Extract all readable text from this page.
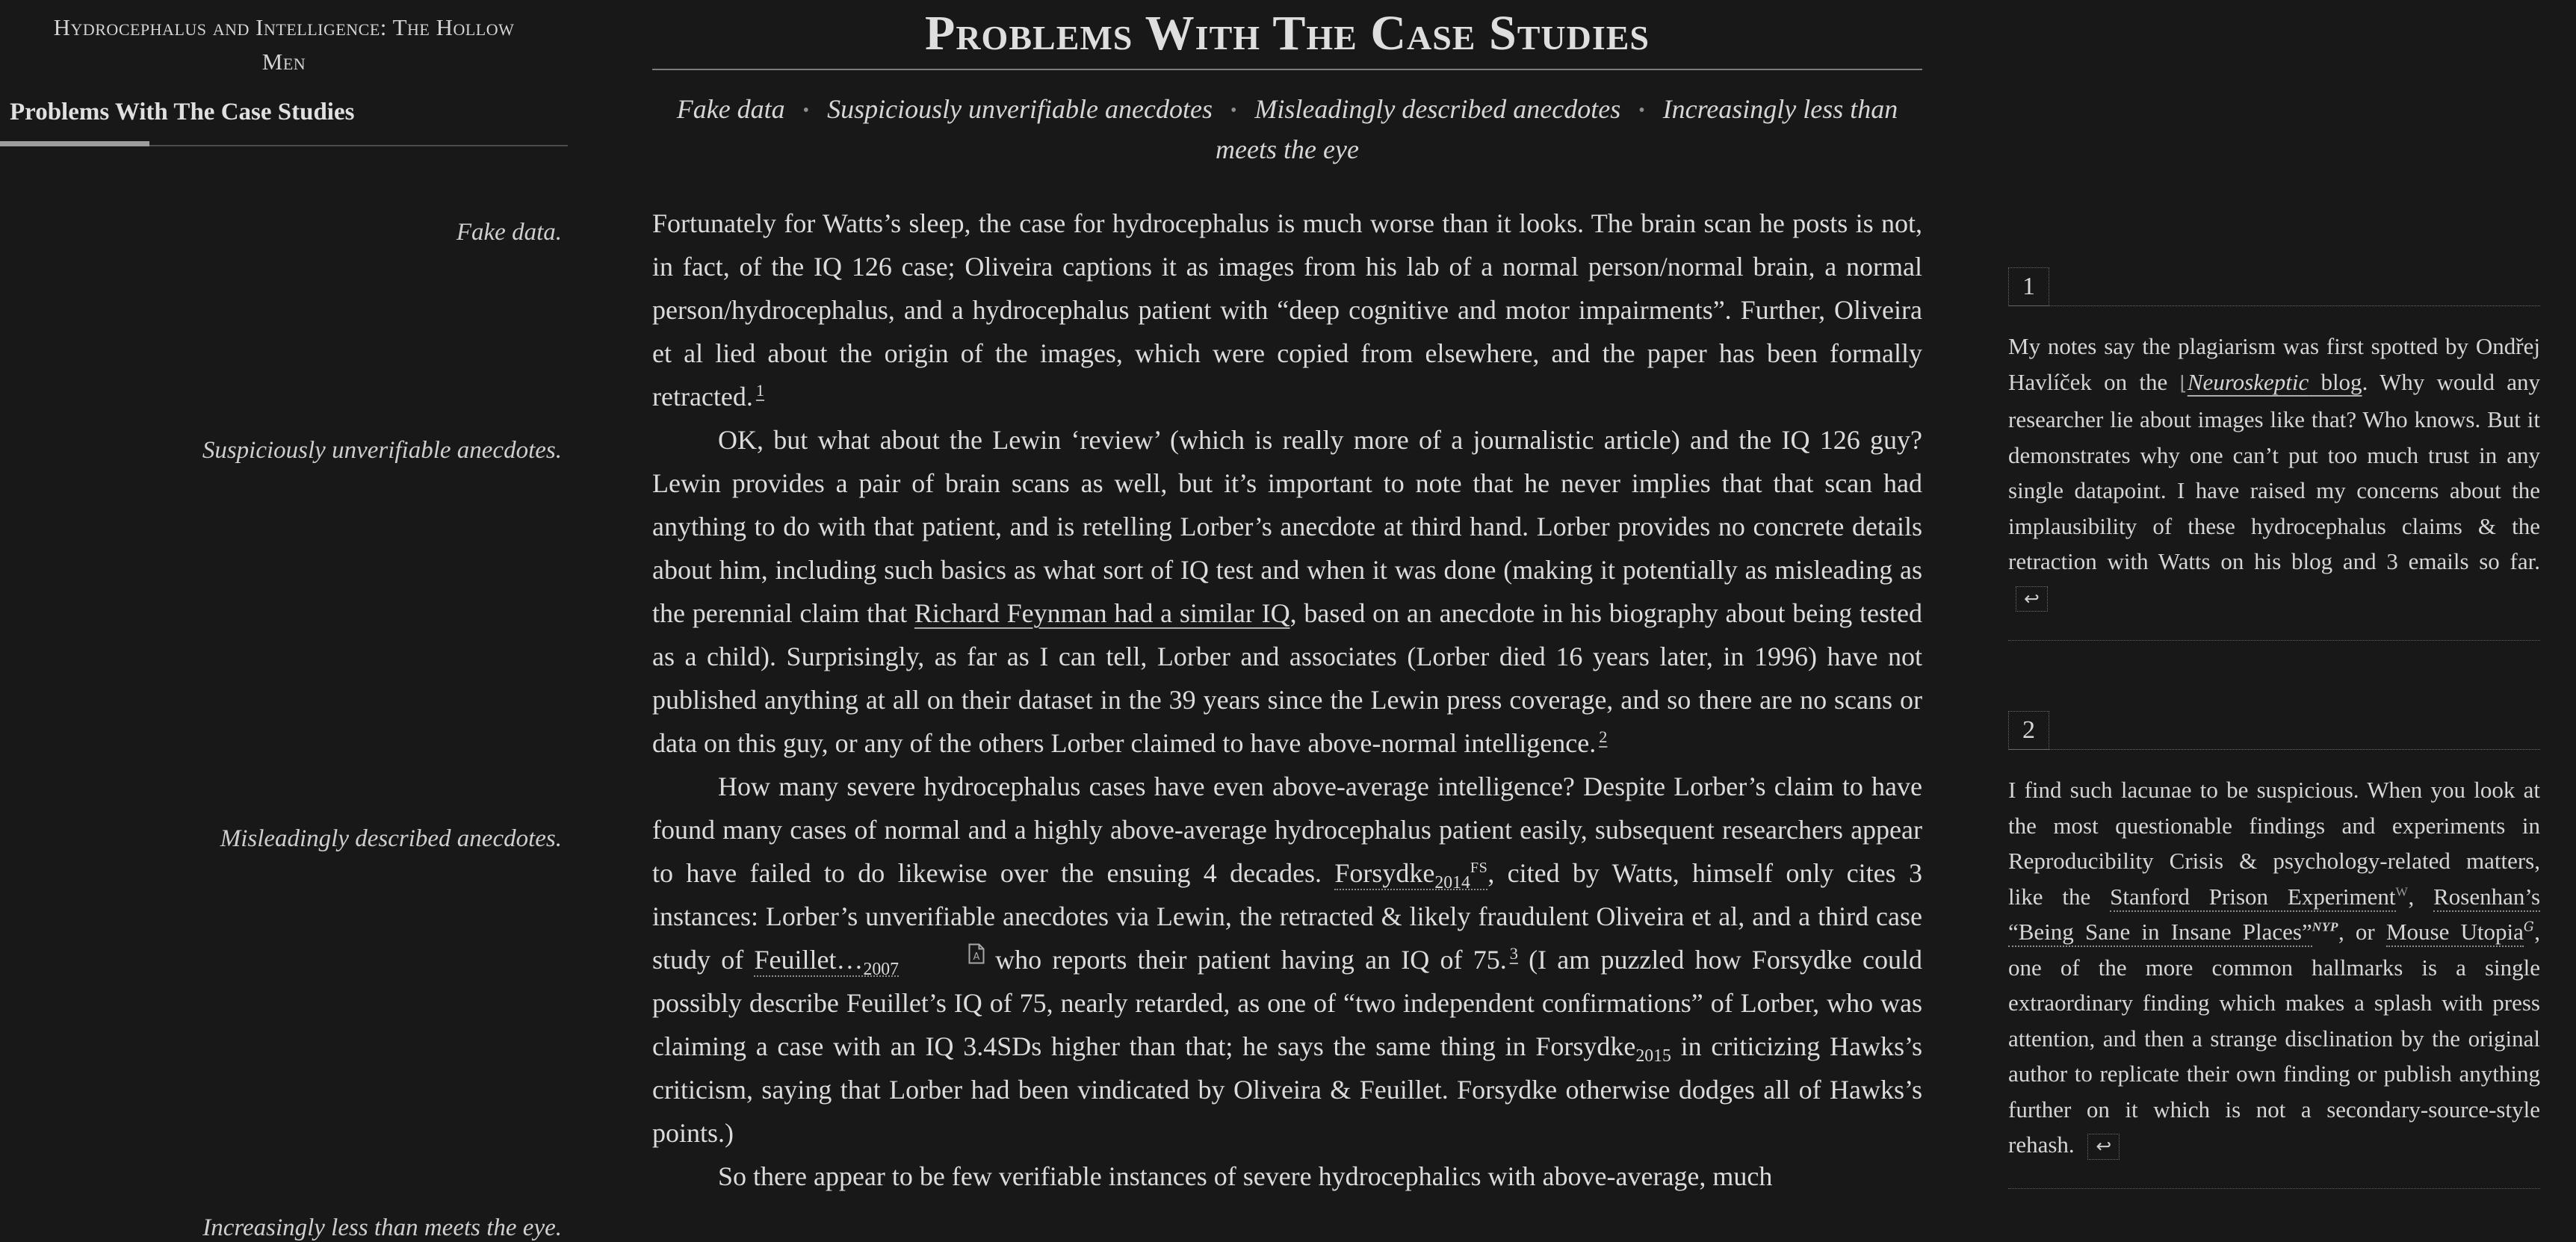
Hydrocephalus and Intelligence: The Hollow Men
Problems With The Case Studies
Fake data.
Suspiciously unverifiable anecdotes.
Misleadingly described anecdotes.
Increasingly less than meets the eye.
Problems With The Case Studies
Fake data • Suspiciously unverifiable anecdotes • Misleadingly described anecdotes • Increasingly less than meets the eye

Fortunately for Watts’s sleep, the case for hydrocephalus is much worse than it looks. The brain scan he posts is not, in fact, of the IQ 126 case; Oliveira captions it as images from his lab of a normal person/normal brain, a normal person/hydrocephalus, and a hydrocephalus patient with “deep cognitive and motor impairments”. Further, Oliveira et al lied about the origin of the images, which were copied from elsewhere, and the paper has been formally retracted. $^1$

OK, but what about the Lewin ‘review’ (which is really more of a journalistic article) and the IQ 126 guy? Lewin provides a pair of brain scans as well, but it’s important to note that he never implies that that scan had anything to do with that patient, and is retelling Lorber’s anecdote at third hand. Lorber provides no concrete details about him, including such basics as what sort of IQ test and when it was done (making it potentially as misleading as the perennial claim that Richard Feynman had a similar IQ, based on an anecdote in his biography about being tested as a child). Surprisingly, as far as I can tell, Lorber and associates (Lorber died 16 years later, in 1996) have not published anything at all on their dataset in the 39 years since the Lewin press coverage, and so there are no scans or data on this guy, or any of the others Lorber claimed to have above-normal intelligence. $^2$

How many severe hydrocephalus cases have even above-average intelligence? Despite Lorber’s claim to have found many cases of normal and a highly above-average hydrocephalus patient easily, subsequent researchers appear to have failed to do likewise over the ensuing 4 decades. Forsydke$_{2014}^{FS}$, cited by Watts, himself only cites 3 instances: Lorber’s unverifiable anecdotes via Lewin, the retracted & likely fraudulent Oliveira et al, and a third case study of $Feuillet\dots_{2007}$
A who reports their patient having an IQ of 75. $^3$ (I am puzzled how Forsydke could possibly describe Feuillet’s IQ of 75, nearly retarded, as one of “two independent confirmations” of Lorber, who was claiming a case with an IQ 3.4SDs higher than that; he says the same thing in Forsydke$_{2015}$ in criticizing Hawks’s criticism, saying that Lorber had been vindicated by Oliveira & Feuillet. Forsydke otherwise dodges all of Hawks’s points.)

So there appear to be few verifiable instances of severe hydrocephalics with above-average, much

1
My notes say the plagiarism was first spotted by Ondřej Havlíček on the ⌊Neuroskeptic blog. Why would any researcher lie about images like that? Who knows. But it demonstrates why one can’t put too much trust in any single datapoint. I have raised my concerns about the implausibility of these hydrocephalus claims & the retraction with Watts on his blog and 3 emails so far. ↩
2
I find such lacunae to be suspicious. When you look at the most questionable findings and experiments in Reproducibility Crisis & psychology-related matters, like the Stanford Prison Experiment$^W$, Rosenhan’s “Being Sane in Insane Places”$^{NYP}$, or Mouse Utopia$^G$, one of the more common hallmarks is a single extraordinary finding which makes a splash with press attention, and then a strange disclination by the original author to replicate their own finding or publish anything further on it which is not a secondary-source-style rehash. ↩
